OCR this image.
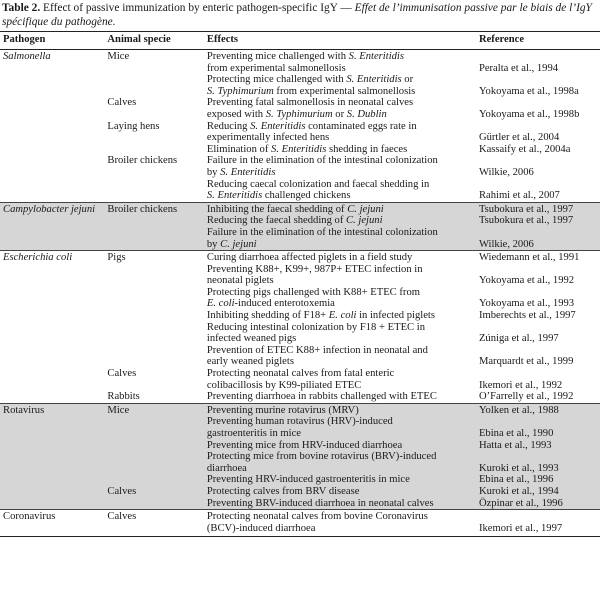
Table 2. Effect of passive immunization by enteric pathogen-specific IgY — Effet de l’immunisation passive par le biais de l’IgY spécifique du pathogène.
Pathogen	Animal specie	Effects	Reference
Salmonella	Mice	Preventing mice challenged with S. Enteritidis
from experimental salmonellosis	Peralta et al., 1994

		Protecting mice challenged with S. Enteritidis or
S. Typhimurium from experimental salmonellosis	Yokoyama et al., 1998a
	Calves	Preventing fatal salmonellosis in neonatal calves
exposed with S. Typhimurium or S. Dublin	Yokoyama et al., 1998b
	Laying hens	Reducing S. Enteritidis contaminated eggs rate in
experimentally infected hens	Gürtler et al., 2004

		Elimination of S. Enteritidis shedding in faeces	Kassaify et al., 2004a
	Broiler chickens	Failure in the elimination of the intestinal colonization
by S. Enteritidis	Wilkie, 2006

		Reducing caecal colonization and faecal shedding in
S. Enteritidis challenged chickens	Rahimi et al., 2007
Campylobacter jejuni	Broiler chickens	Inhibiting the faecal shedding of C. jejuni	Tsubokura et al., 1997

		Reducing the faecal shedding of C. jejuni	Tsubokura et al., 1997

		Failure in the elimination of the intestinal colonization
by C. jejuni	Wilkie, 2006
Escherichia coli	Pigs	Curing diarrhoea affected piglets in a field study	Wiedemann et al., 1991

		Preventing K88+, K99+, 987P+ ETEC infection in
neonatal piglets	Yokoyama et al., 1992

		Protecting pigs challenged with K88+ ETEC from
E. coli-induced enterotoxemia	Yokoyama et al., 1993

		Inhibiting shedding of F18+ E. coli in infected piglets	Imberechts et al., 1997

		Reducing intestinal colonization by F18 + ETEC in
infected weaned pigs	Zúniga et al., 1997

		Prevention of ETEC K88+ infection in neonatal and
early weaned piglets	Marquardt et al., 1999
	Calves	Protecting neonatal calves from fatal enteric
colibacillosis by K99-piliated ETEC	Ikemori et al., 1992
	Rabbits	Preventing diarrhoea in rabbits challenged with ETEC	O’Farrelly et al., 1992
Rotavirus	Mice	Preventing murine rotavirus (MRV)	Yolken et al., 1988

		Preventing human rotavirus (HRV)-induced
gastroenteritis in mice	Ebina et al., 1990

		Preventing mice from HRV-induced diarrhoea	Hatta et al., 1993

		Protecting mice from bovine rotavirus (BRV)-induced
diarrhoea	Kuroki et al., 1993

		Preventing HRV-induced gastroenteritis in mice	Ebina et al., 1996
	Calves	Protecting calves from BRV disease	Kuroki et al., 1994

		Preventing BRV-induced diarrhoea in neonatal calves	Özpinar et al., 1996
Coronavirus	Calves	Protecting neonatal calves from bovine Coronavirus
(BCV)-induced diarrhoea	Ikemori et al., 1997
